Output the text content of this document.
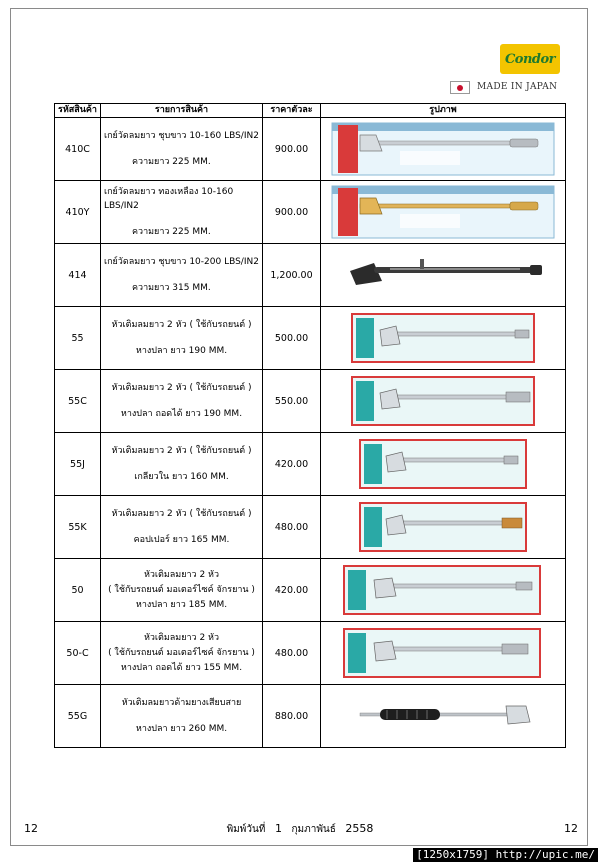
Condor
MADE IN JAPAN
รหัสสินค้า	รายการสินค้า	ราคาตัวละ	รูปภาพ
410C	เกย์วัดลมยาว ชุบขาว 10-160 LBS/IN2
ความยาว 225 MM.	900.00	

410Y	เกย์วัดลมยาว ทองเหลือง 10-160 LBS/IN2
ความยาว 225 MM.	900.00	

414	เกย์วัดลมยาว ชุบขาว 10-200 LBS/IN2
ความยาว 315 MM.	1,200.00	

55	หัวเติมลมยาว 2 หัว ( ใช้กับรถยนต์ )
หางปลา ยาว 190 MM.	500.00	

55C	หัวเติมลมยาว 2 หัว ( ใช้กับรถยนต์ )
หางปลา ถอดได้ ยาว 190 MM.	550.00	

55J	หัวเติมลมยาว 2 หัว ( ใช้กับรถยนต์ )
เกลียวใน ยาว 160 MM.	420.00	

55K	หัวเติมลมยาว 2 หัว ( ใช้กับรถยนต์ )
คอปเปอร์ ยาว 165 MM.	480.00	

50	หัวเติมลมยาว 2 หัว
( ใช้กับรถยนต์ มอเตอร์ไซค์ จักรยาน )
หางปลา ยาว 185 MM.	420.00	

50-C	หัวเติมลมยาว 2 หัว
( ใช้กับรถยนต์ มอเตอร์ไซค์ จักรยาน )
หางปลา ถอดได้ ยาว 155 MM.	480.00	

55G	หัวเติมลมยาวด้ามยางเสียบสาย
หางปลา ยาว 260 MM.	880.00	
12	พิมพ์วันที่ 1 กุมภาพันธ์ 2558	12
[1250x1759] http://upic.me/
